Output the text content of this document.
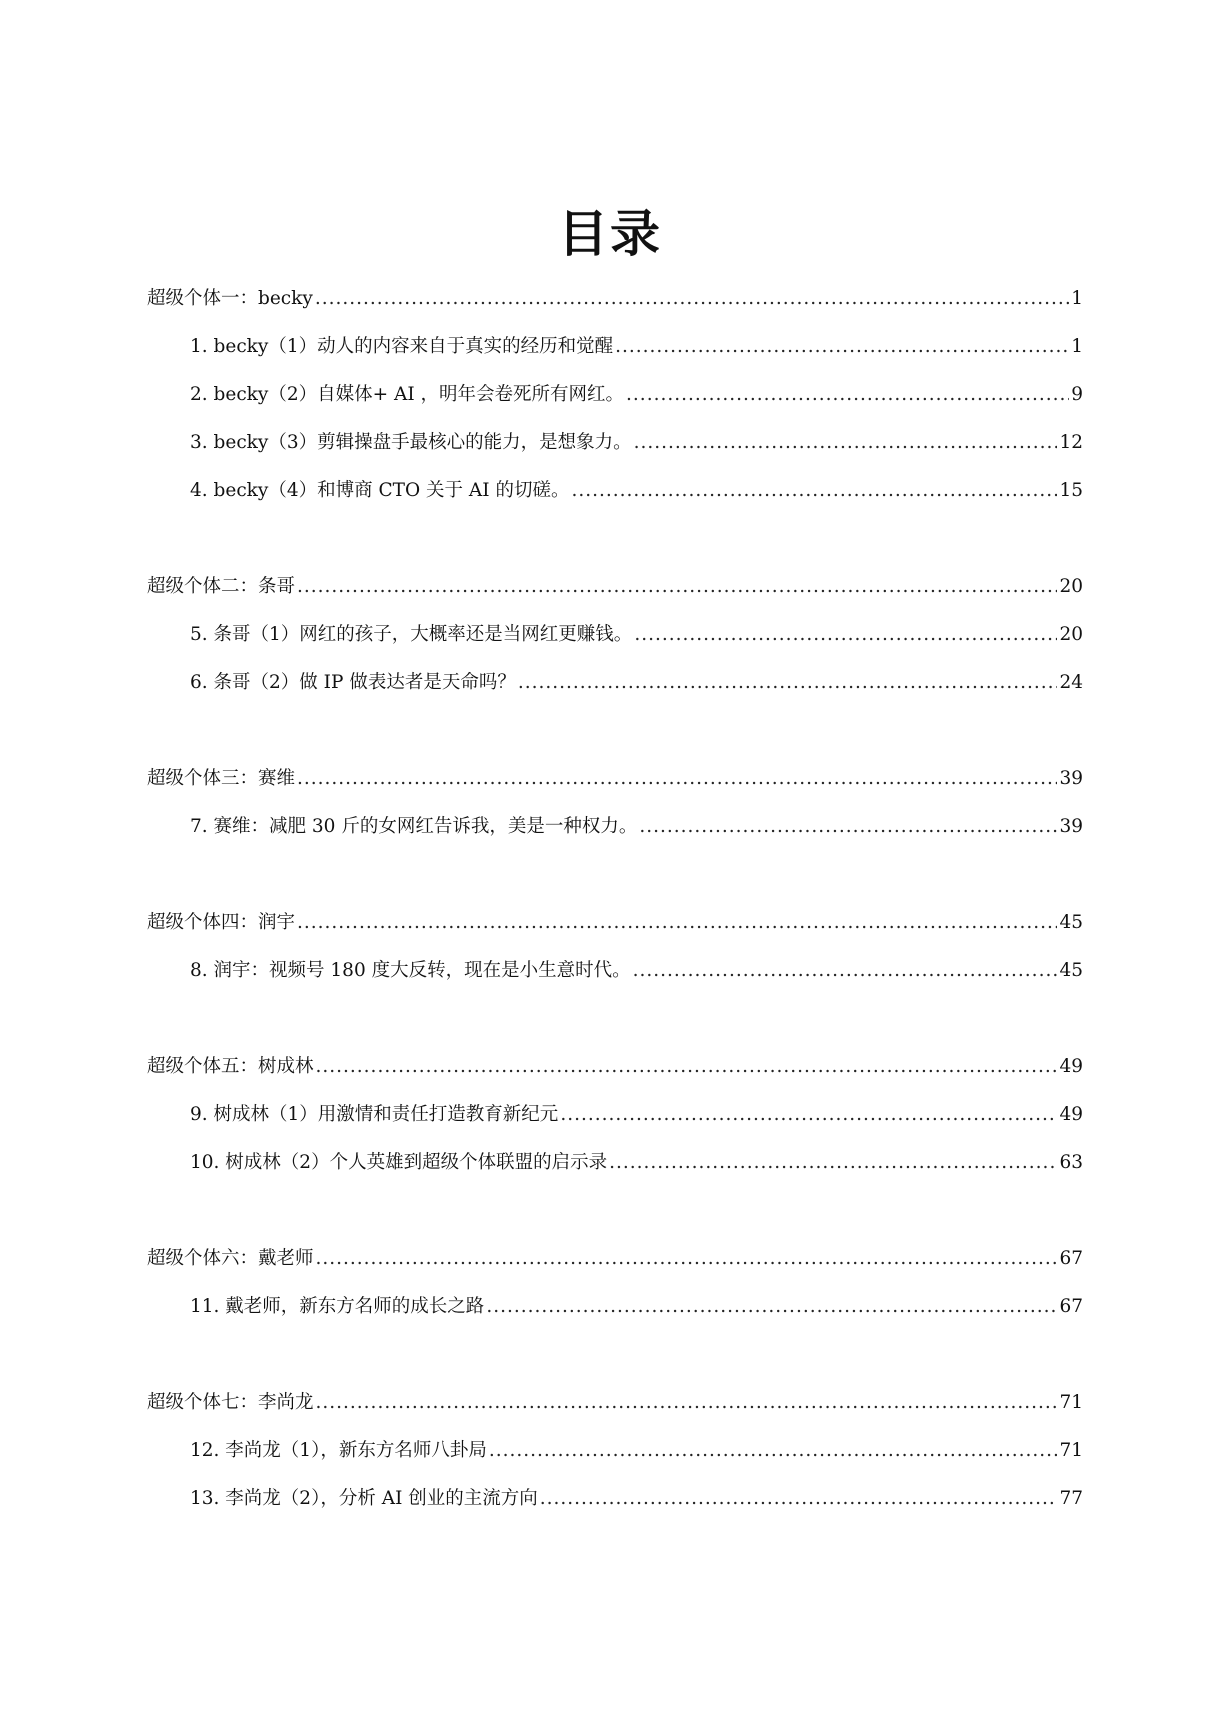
目录
超级个体一：becky .....	1
1. becky（1）动人的内容来自于真实的经历和觉醒 .....	1
2. becky（2）自媒体+ AI ，明年会卷死所有网红。 .....	9
3. becky（3）剪辑操盘手最核心的能力，是想象力。 .....	12
4. becky（4）和博商 CTO 关于 AI 的切磋。 .....	15
超级个体二：条哥 .....	20
5. 条哥（1）网红的孩子，大概率还是当网红更赚钱。 .....	20
6. 条哥（2）做 IP 做表达者是天命吗？ .....	24
超级个体三：赛维 .....	39
7. 赛维：减肥 30 斤的女网红告诉我，美是一种权力。 .....	39
超级个体四：润宇 .....	45
8. 润宇：视频号 180 度大反转，现在是小生意时代。 .....	45
超级个体五：树成林 .....	49
9. 树成林（1）用激情和责任打造教育新纪元 .....	49
10. 树成林（2）个人英雄到超级个体联盟的启示录 .....	63
超级个体六：戴老师 .....	67
11. 戴老师，新东方名师的成长之路 .....	67
超级个体七：李尚龙 .....	71
12. 李尚龙（1），新东方名师八卦局 .....	71
13. 李尚龙（2），分析 AI 创业的主流方向 .....	77
